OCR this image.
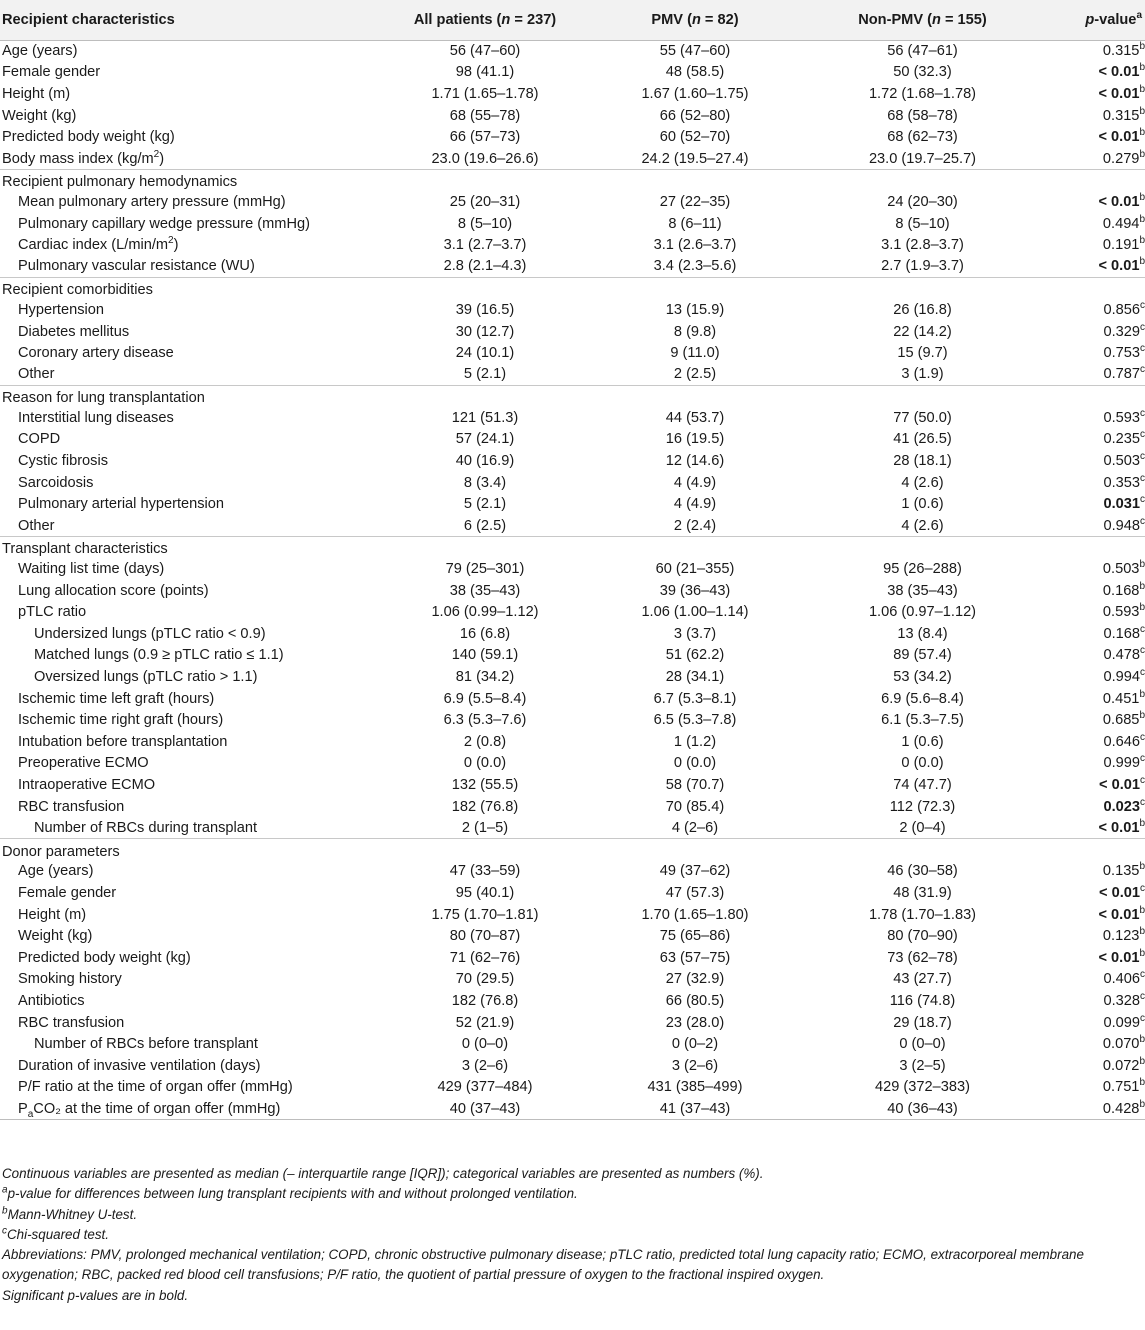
Recipient characteristics	All patients (n = 237)	PMV (n = 82)	Non-PMV (n = 155)	p-value$^a$
Age (years)	56 (47–60)	55 (47–60)	56 (47–61)	0.315$^b$
Female gender	98 (41.1)	48 (58.5)	50 (32.3)	< 0.01$^b$
Height (m)	1.71 (1.65–1.78)	1.67 (1.60–1.75)	1.72 (1.68–1.78)	< 0.01$^b$
Weight (kg)	68 (55–78)	66 (52–80)	68 (58–78)	0.315$^b$
Predicted body weight (kg)	66 (57–73)	60 (52–70)	68 (62–73)	< 0.01$^b$
Body mass index $(kg/m^2)$	23.0 (19.6–26.6)	24.2 (19.5–27.4)	23.0 (19.7–25.7)	0.279$^b$
Recipient pulmonary hemodynamics				
Mean pulmonary artery pressure (mmHg)	25 (20–31)	27 (22–35)	24 (20–30)	< 0.01$^b$
Pulmonary capillary wedge pressure (mmHg)	8 (5–10)	8 (6–11)	8 (5–10)	0.494$^b$
Cardiac index $(L/\min/m^2)$	3.1 (2.7–3.7)	3.1 (2.6–3.7)	3.1 (2.8–3.7)	0.191$^b$
Pulmonary vascular resistance (WU)	2.8 (2.1–4.3)	3.4 (2.3–5.6)	2.7 (1.9–3.7)	< 0.01$^b$
Recipient comorbidities				
Hypertension	39 (16.5)	13 (15.9)	26 (16.8)	0.856$^c$
Diabetes mellitus	30 (12.7)	8 (9.8)	22 (14.2)	0.329$^c$
Coronary artery disease	24 (10.1)	9 (11.0)	15 (9.7)	0.753$^c$
Other	5 (2.1)	2 (2.5)	3 (1.9)	0.787$^c$
Reason for lung transplantation				
Interstitial lung diseases	121 (51.3)	44 (53.7)	77 (50.0)	0.593$^c$
COPD	57 (24.1)	16 (19.5)	41 (26.5)	0.235$^c$
Cystic fibrosis	40 (16.9)	12 (14.6)	28 (18.1)	0.503$^c$
Sarcoidosis	8 (3.4)	4 (4.9)	4 (2.6)	0.353$^c$
Pulmonary arterial hypertension	5 (2.1)	4 (4.9)	1 (0.6)	0.031$^c$
Other	6 (2.5)	2 (2.4)	4 (2.6)	0.948$^c$
Transplant characteristics				
Waiting list time (days)	79 (25–301)	60 (21–355)	95 (26–288)	0.503$^b$
Lung allocation score (points)	38 (35–43)	39 (36–43)	38 (35–43)	0.168$^b$
pTLC ratio	1.06 (0.99–1.12)	1.06 (1.00–1.14)	1.06 (0.97–1.12)	0.593$^b$
Undersized lungs (pTLC ratio < 0.9)	16 (6.8)	3 (3.7)	13 (8.4)	0.168$^c$
Matched lungs (0.9 ≥ pTLC ratio ≤ 1.1)	140 (59.1)	51 (62.2)	89 (57.4)	0.478$^c$
Oversized lungs (pTLC ratio > 1.1)	81 (34.2)	28 (34.1)	53 (34.2)	0.994$^c$
Ischemic time left graft (hours)	6.9 (5.5–8.4)	6.7 (5.3–8.1)	6.9 (5.6–8.4)	0.451$^b$
Ischemic time right graft (hours)	6.3 (5.3–7.6)	6.5 (5.3–7.8)	6.1 (5.3–7.5)	0.685$^b$
Intubation before transplantation	2 (0.8)	1 (1.2)	1 (0.6)	0.646$^c$
Preoperative ECMO	0 (0.0)	0 (0.0)	0 (0.0)	0.999$^c$
Intraoperative ECMO	132 (55.5)	58 (70.7)	74 (47.7)	< 0.01$^c$
RBC transfusion	182 (76.8)	70 (85.4)	112 (72.3)	0.023$^c$
Number of RBCs during transplant	2 (1–5)	4 (2–6)	2 (0–4)	< 0.01$^b$
Donor parameters				
Age (years)	47 (33–59)	49 (37–62)	46 (30–58)	0.135$^b$
Female gender	95 (40.1)	47 (57.3)	48 (31.9)	< 0.01$^c$
Height (m)	1.75 (1.70–1.81)	1.70 (1.65–1.80)	1.78 (1.70–1.83)	< 0.01$^b$
Weight (kg)	80 (70–87)	75 (65–86)	80 (70–90)	0.123$^b$
Predicted body weight (kg)	71 (62–76)	63 (57–75)	73 (62–78)	< 0.01$^b$
Smoking history	70 (29.5)	27 (32.9)	43 (27.7)	0.406$^c$
Antibiotics	182 (76.8)	66 (80.5)	116 (74.8)	0.328$^c$
RBC transfusion	52 (21.9)	23 (28.0)	29 (18.7)	0.099$^c$
Number of RBCs before transplant	0 (0–0)	0 (0–2)	0 (0–0)	0.070$^b$
Duration of invasive ventilation (days)	3 (2–6)	3 (2–6)	3 (2–5)	0.072$^b$
P/F ratio at the time of organ offer (mmHg)	429 (377–484)	431 (385–499)	429 (372–383)	0.751$^b$
$P_aCO_2$ at the time of organ offer (mmHg)	40 (37–43)	41 (37–43)	40 (36–43)	0.428$^b$

Continuous variables are presented as median (– interquartile range [IQR]); categorical variables are presented as numbers (%).

$^a$p-value for differences between lung transplant recipients with and without prolonged ventilation.

$^b$Mann-Whitney U-test.

$^c$Chi-squared test.

Abbreviations: PMV, prolonged mechanical ventilation; COPD, chronic obstructive pulmonary disease; pTLC ratio, predicted total lung capacity ratio; ECMO, extracorporeal membrane oxygenation; RBC, packed red blood cell transfusions; P/F ratio, the quotient of partial pressure of oxygen to the fractional inspired oxygen.

Significant p-values are in bold.
